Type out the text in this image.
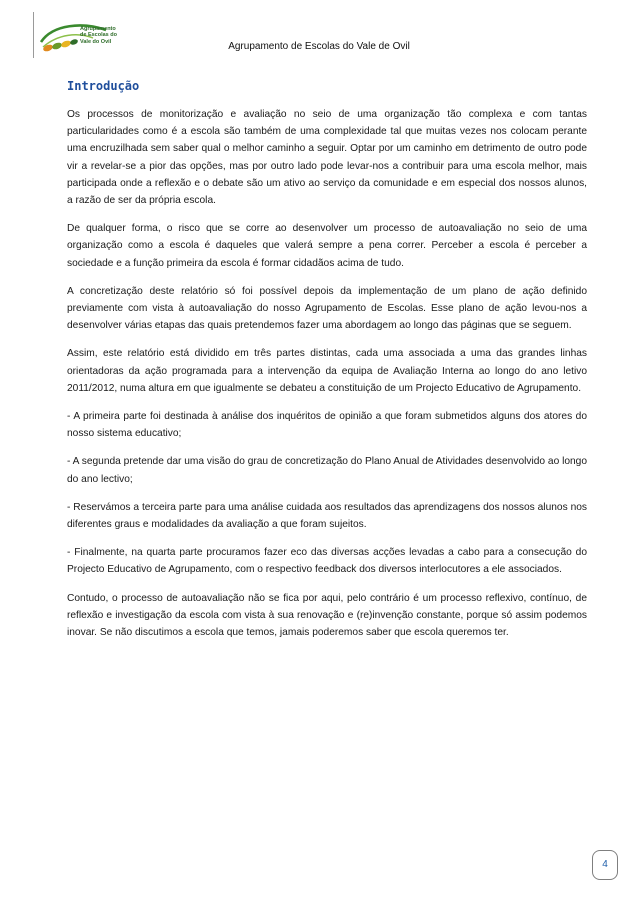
Agrupamento
de Escolas do
Vale do Ovil	Agrupamento de Escolas do Vale de Ovil
Introdução

Os processos de monitorização e avaliação no seio de uma organização tão complexa e com tantas particularidades como é a escola são também de uma complexidade tal que muitas vezes nos colocam perante uma encruzilhada sem saber qual o melhor caminho a seguir. Optar por um caminho em detrimento de outro pode vir a revelar-se a pior das opções, mas por outro lado pode levar-nos a contribuir para uma escola melhor, mais participada onde a reflexão e o debate são um ativo ao serviço da comunidade e em especial dos nossos alunos, a razão de ser da própria escola.

De qualquer forma, o risco que se corre ao desenvolver um processo de autoavaliação no seio de uma organização como a escola é daqueles que valerá sempre a pena correr. Perceber a escola é perceber a sociedade e a função primeira da escola é formar cidadãos acima de tudo.

A concretização deste relatório só foi possível depois da implementação de um plano de ação definido previamente com vista à autoavaliação do nosso Agrupamento de Escolas. Esse plano de ação levou-nos a desenvolver várias etapas das quais pretendemos fazer uma abordagem ao longo das páginas que se seguem.

Assim, este relatório está dividido em três partes distintas, cada uma associada a uma das grandes linhas orientadoras da ação programada para a intervenção da equipa de Avaliação Interna ao longo do ano letivo 2011/2012, numa altura em que igualmente se debateu a constituição de um Projecto Educativo de Agrupamento.

- A primeira parte foi destinada à análise dos inquéritos de opinião a que foram submetidos alguns dos atores do nosso sistema educativo;

- A segunda pretende dar uma visão do grau de concretização do Plano Anual de Atividades desenvolvido ao longo do ano lectivo;

- Reservámos a terceira parte para uma análise cuidada aos resultados das aprendizagens dos nossos alunos nos diferentes graus e modalidades da avaliação a que foram sujeitos.

- Finalmente, na quarta parte procuramos fazer eco das diversas acções levadas a cabo para a consecução do Projecto Educativo de Agrupamento, com o respectivo feedback dos diversos interlocutores a ele associados.

Contudo, o processo de autoavaliação não se fica por aqui, pelo contrário é um processo reflexivo, contínuo, de reflexão e investigação da escola com vista à sua renovação e (re)invenção constante, porque só assim podemos inovar. Se não discutimos a escola que temos, jamais poderemos saber que escola queremos ter.

4
